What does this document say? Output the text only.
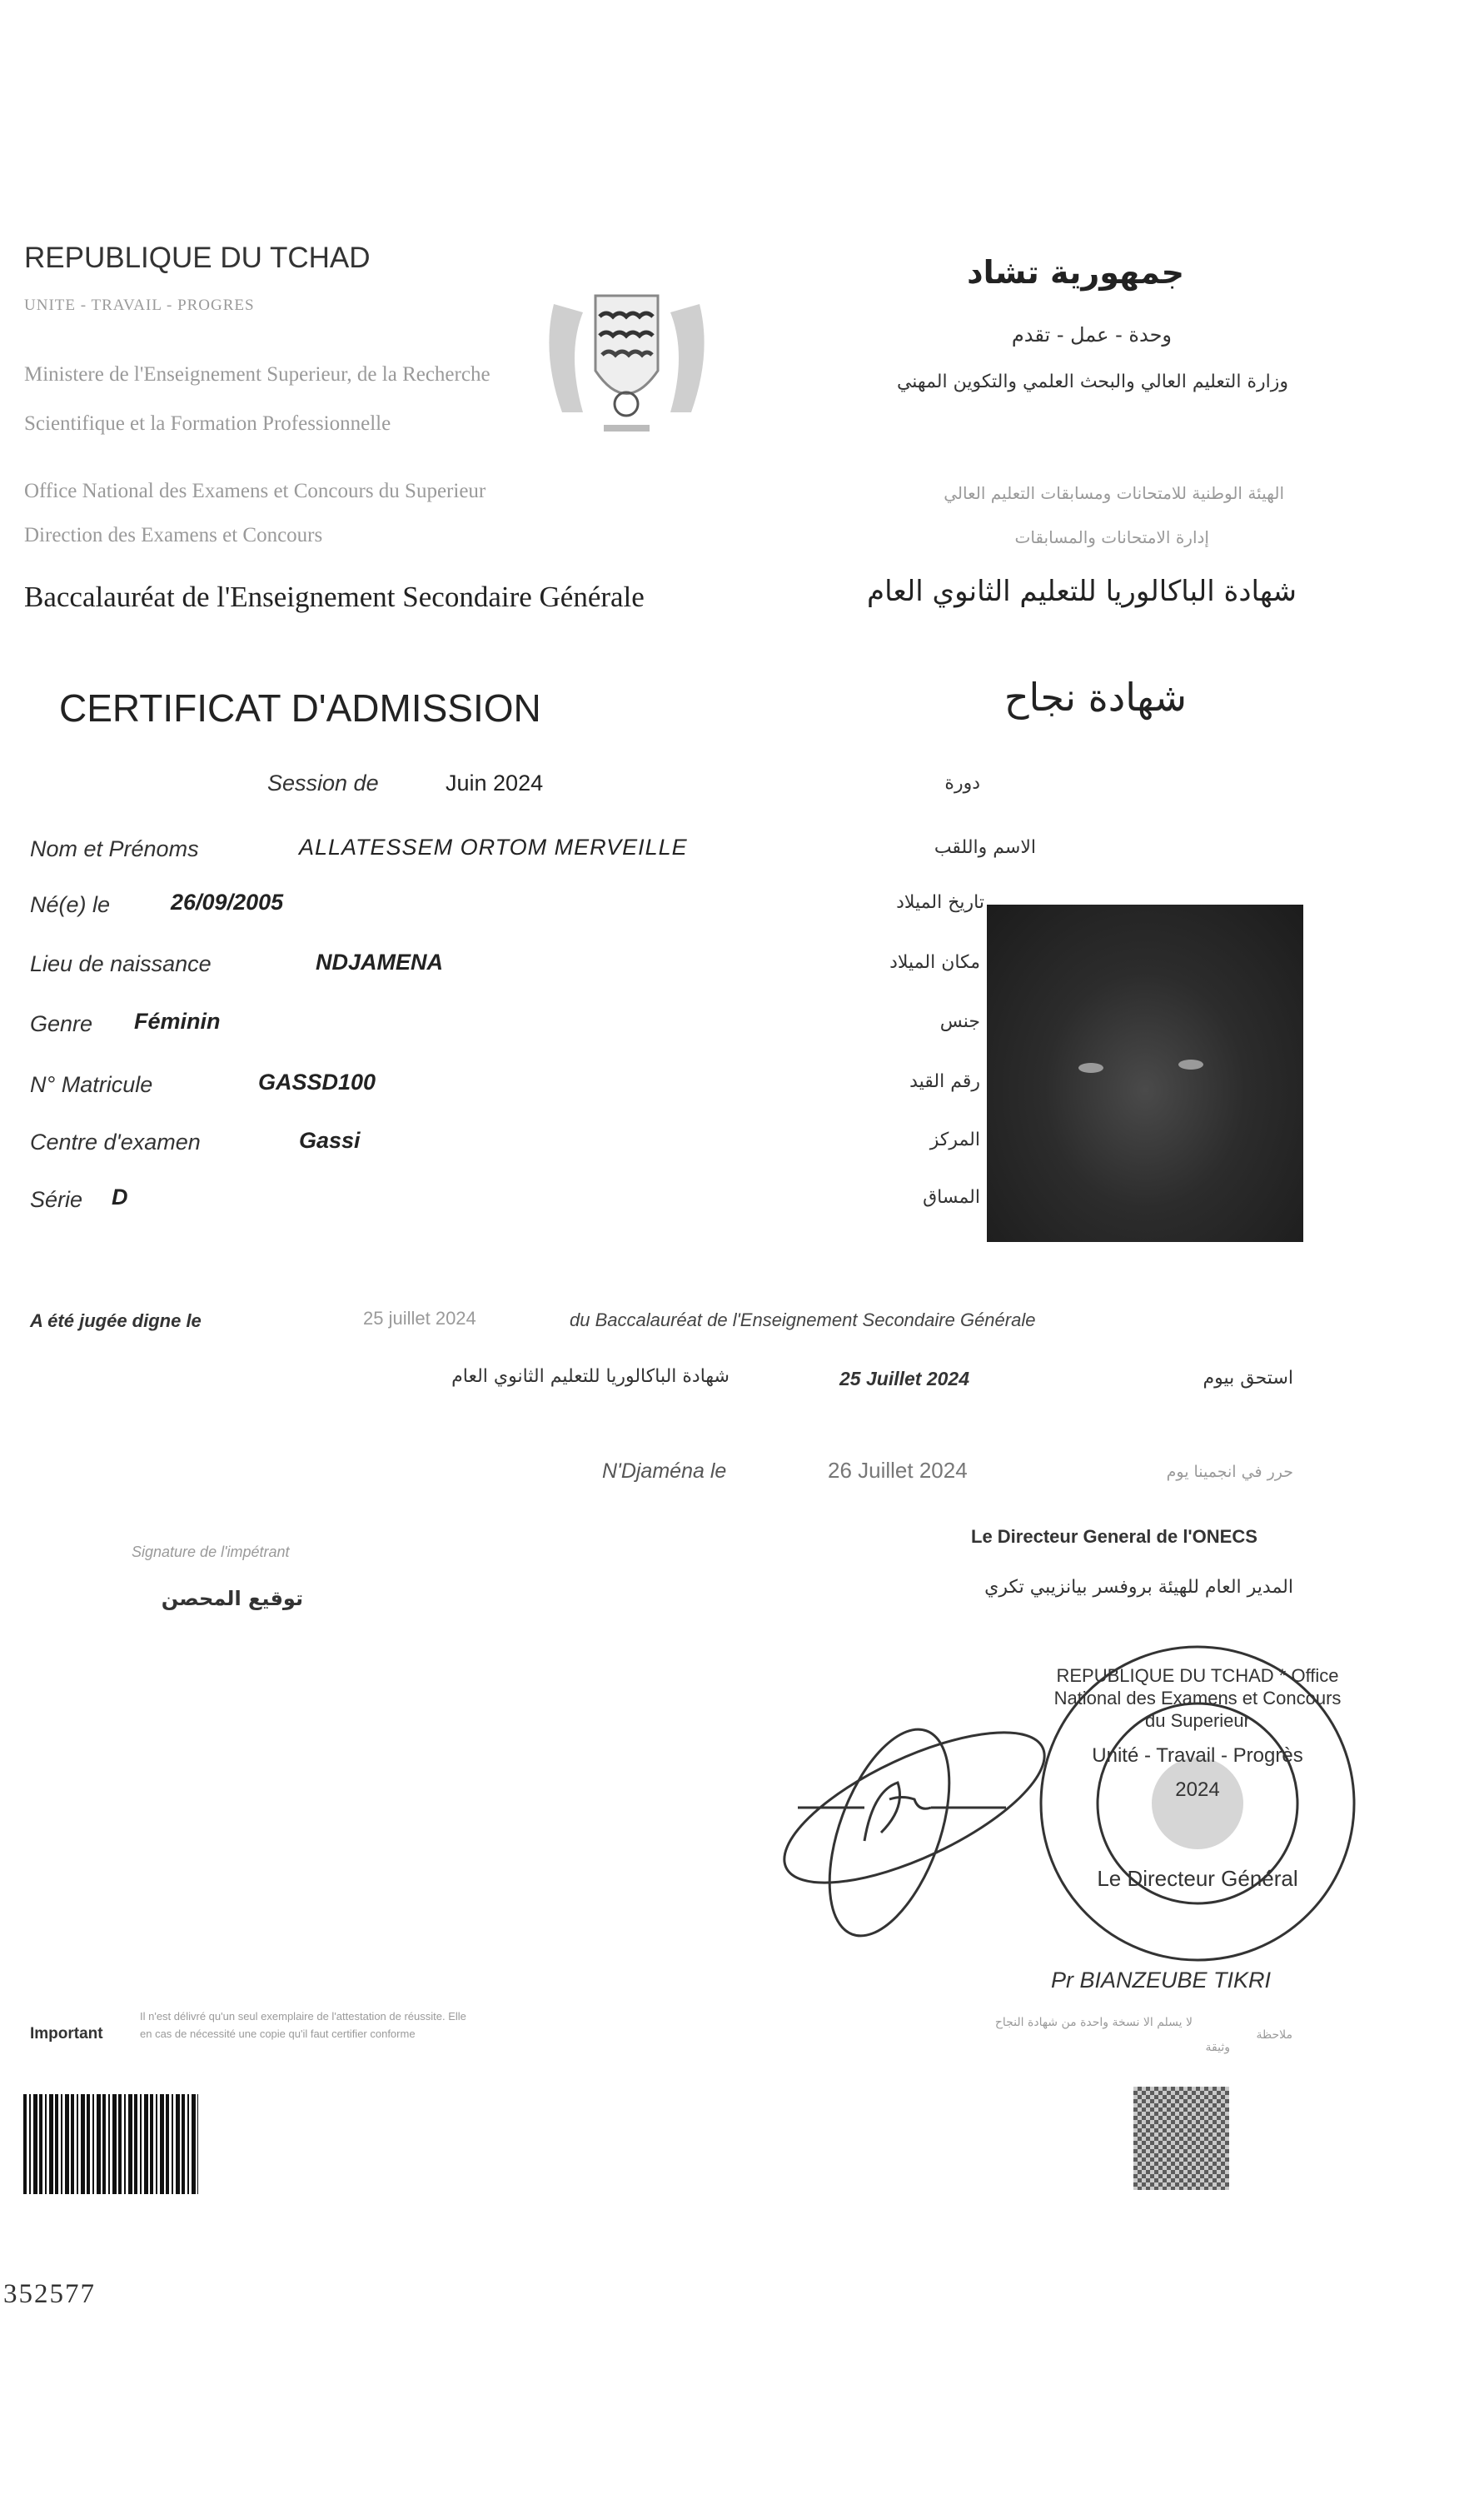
REPUBLIQUE DU TCHAD
UNITE - TRAVAIL - PROGRES
Ministere de l'Enseignement Superieur, de la Recherche
Scientifique et la Formation Professionnelle
Office National des Examens et Concours du Superieur
Direction des Examens et Concours
Baccalauréat de l'Enseignement Secondaire Générale
جمهورية تشاد
وحدة - عمل - تقدم
وزارة التعليم العالي والبحث العلمي والتكوين المهني
الهيئة الوطنية للامتحانات ومسابقات التعليم العالي
إدارة الامتحانات والمسابقات
شهادة الباكالوريا للتعليم الثانوي العام
CERTIFICAT D'ADMISSION	شهادة نجاح
Session de	Juin 2024	دورة
Nom et Prénoms	ALLATESSEM ORTOM MERVEILLE	الاسم واللقب
Né(e) le	26/09/2005	تاريخ الميلاد
Lieu de naissance	NDJAMENA	مكان الميلاد
Genre Féminin	جنس
N° Matricule	GASSD100	رقم القيد
Centre d'examen	Gassi	المركز
Série D	المساق
A été jugée digne le	25 juillet 2024	du Baccalauréat de l'Enseignement Secondaire Générale
شهادة الباكالوريا للتعليم الثانوي العام	25 Juillet 2024	استحق بيوم
N'Djaména le	26 Juillet 2024	حرر في انجمينا يوم
Le Directeur General de l'ONECS
المدير العام للهيئة بروفسر بيانزيبي تكري
Signature de l'impétrant
توقيع المحصن
REPUBLIQUE DU TCHAD * Office National des Examens et Concours du Superieur
Unité - Travail - Progrès
2024
Le Directeur Général
Pr BIANZEUBE TIKRI
Important
Il n'est délivré qu'un seul exemplaire de l'attestation de réussite. Elle
en cas de nécessité une copie qu'il faut certifier conforme
لا يسلم الا نسخة واحدة من شهادة النجاح
وثيقة
ملاحظة
352577
